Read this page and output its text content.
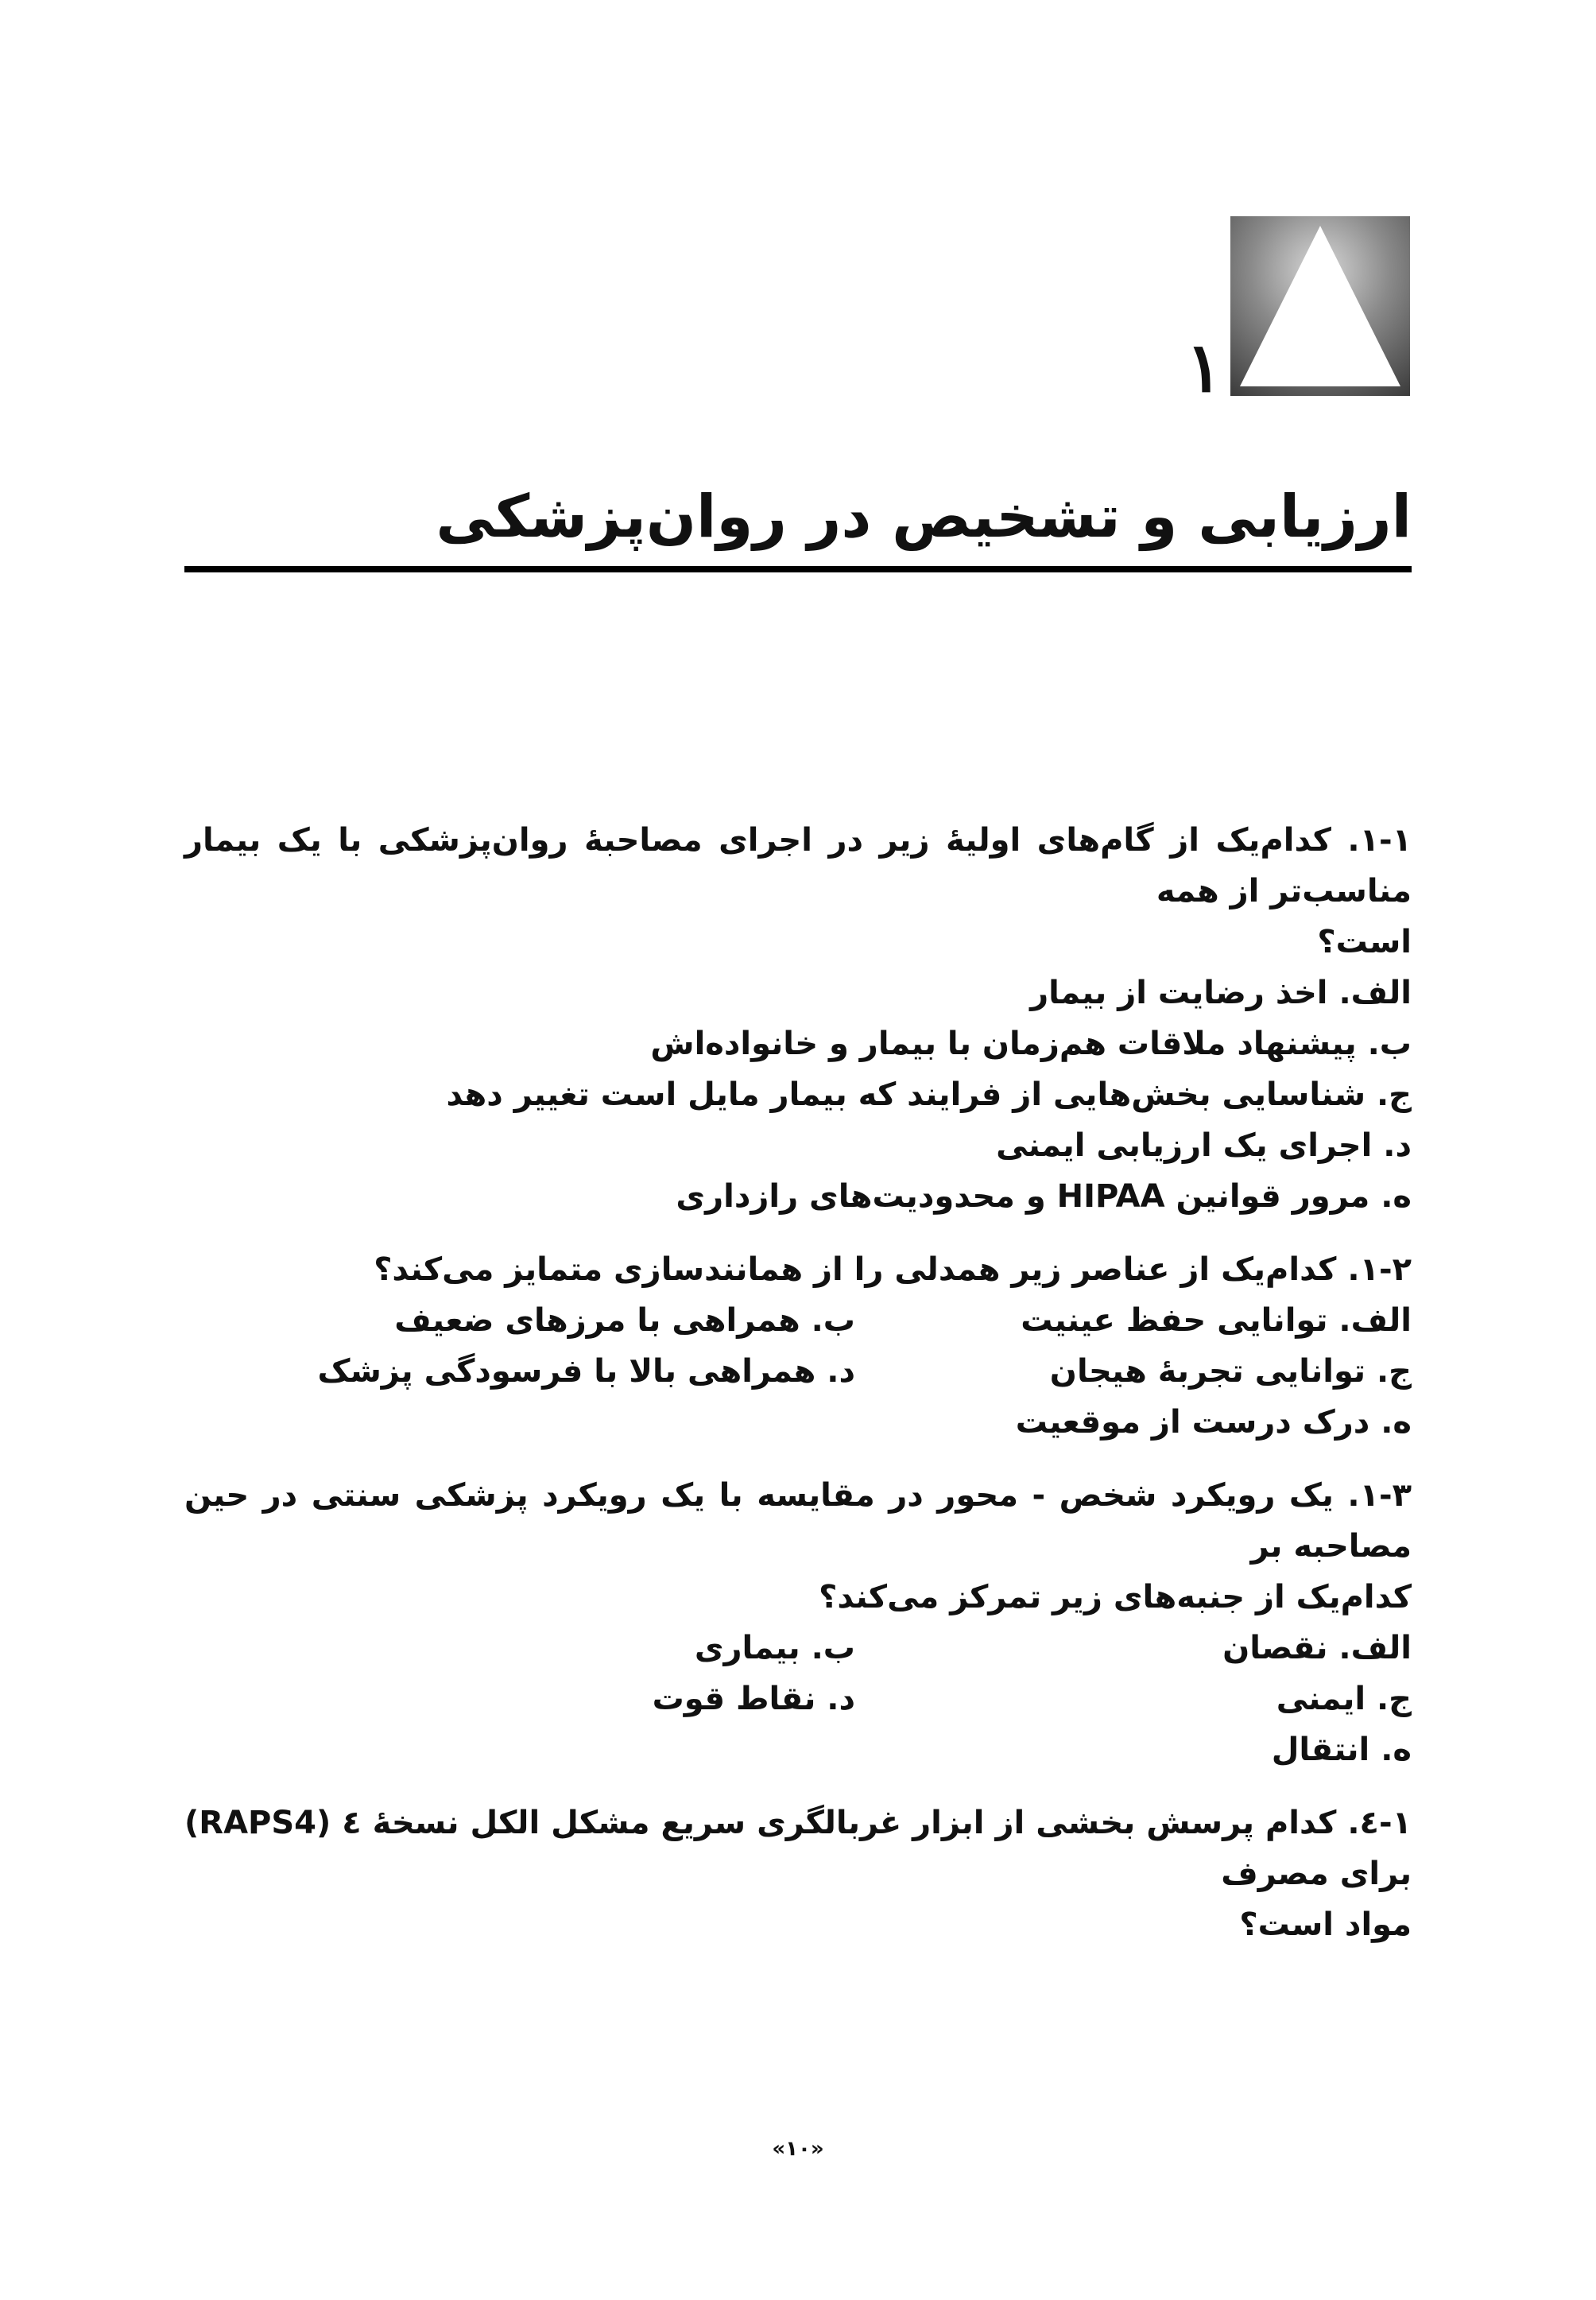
۱
ارزیابی و تشخیص در روان‌پزشکی

۱-۱. کدام‌یک از گام‌های اولیهٔ زیر در اجرای مصاحبهٔ روان‌پزشکی با یک بیمار مناسب‌تر از همه

است؟

الف. اخذ رضایت از بیمار

ب. پیشنهاد ملاقات هم‌زمان با بیمار و خانواده‌اش

ج. شناسایی بخش‌هایی از فرایند که بیمار مایل است تغییر دهد

د. اجرای یک ارزیابی ایمنی

ه. مرور قوانین HIPAA و محدودیت‌های رازداری

۱-۲. کدام‌یک از عناصر زیر همدلی را از همانندسازی متمایز می‌کند؟

الف. توانایی حفظ عینیت
ب. همراهی با مرزهای ضعیف
ج. توانایی تجربهٔ هیجان
د. همراهی بالا با فرسودگی پزشک

ه. درک درست از موقعیت

۱-۳. یک رویکرد شخص - محور در مقایسه با یک رویکرد پزشکی سنتی در حین مصاحبه بر

کدام‌یک از جنبه‌های زیر تمرکز می‌کند؟

الف. نقصان
ب. بیماری
ج. ایمنی
د. نقاط قوت

ه. انتقال

۱-٤. کدام پرسش بخشی از ابزار غربالگری سریع مشکل الکل نسخهٔ ٤ (RAPS4) برای مصرف

مواد است؟

«۱۰»
